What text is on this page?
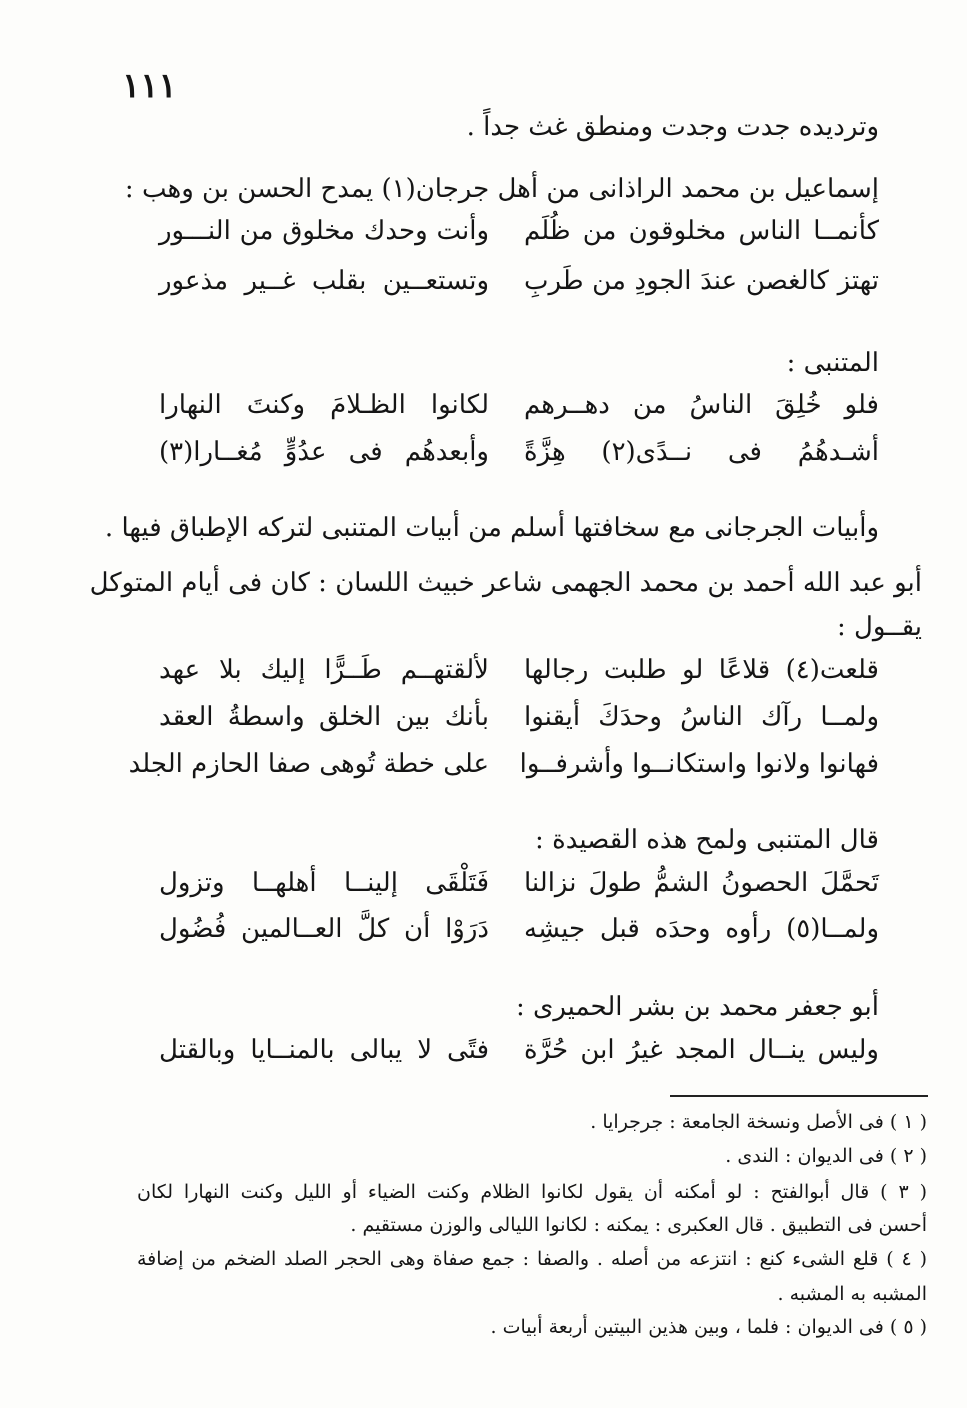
١١١
وترديده جدت وجدت ومنطق غث جداً .
إسماعيل بن محمد الراذانى من أهل جرجان(١) يمدح الحسن بن وهب :
كأنمــا الناس مخلوقون من ظُلَم
وأنت وحدك مخلوق من النـــور
تهتز كالغصن عندَ الجودِ من طَربِ
وتستعــين بقلب غــير مذعور
المتنبى :
فلو خُلِقَ الناسُ من دهــرهم
لكانوا الظـلامَ وكنتَ النهارا
أشـدهُمُ فى نــدًى(٢) هِزَّةً
وأبعدهُم فى عدُوٍّ مُغــارا(٣)
وأبيات الجرجانى مع سخافتها أسلم من أبيات المتنبى لتركه الإطباق فيها .
أبو عبد الله أحمد بن محمد الجهمى شاعر خبيث اللسان : كان فى أيام المتوكل
يقــول :
قلعت(٤) قلاعًا لو طلبت رجالها
لألقتهــم طَــرًّا إليك بلا عهد
ولمــا رآك الناسُ وحدَكَ أيقنوا
بأنك بين الخلق واسطةُ العقد
فهانوا ولانوا واستكانــوا وأشرفــوا
على خطة تُوهى صفا الحازم الجلد
قال المتنبى ولمح هذه القصيدة :
تَحمَّلَ الحصونُ الشمُّ طولَ نزالنا
فَتَلْقَى إلينــا أهلهــا وتزول
ولمــا(٥) رأوه وحدَه قبل جيشِه
دَرَوْا أن كلَّ العــالمين فُضُول
أبو جعفر محمد بن بشر الحميرى :
وليس ينــال المجد غيرُ ابن حُرَّة
فتًى لا يبالى بالمنــايا وبالقتل
( ١ ) فى الأصل ونسخة الجامعة : جرجرايا .
( ٢ ) فى الديوان : الندى .
( ٣ ) قال أبوالفتح : لو أمكنه أن يقول لكانوا الظلام وكنت الضياء أو الليل وكنت النهارا لكان
أحسن فى التطبيق . قال العكبرى : يمكنه : لكانوا الليالى والوزن مستقيم .
( ٤ ) قلع الشىء كنع : انتزعه من أصله . والصفا : جمع صفاة وهى الحجر الصلد الضخم من إضافة
المشبه به المشبه .
( ٥ ) فى الديوان : فلما ، وبين هذين البيتين أربعة أبيات .
